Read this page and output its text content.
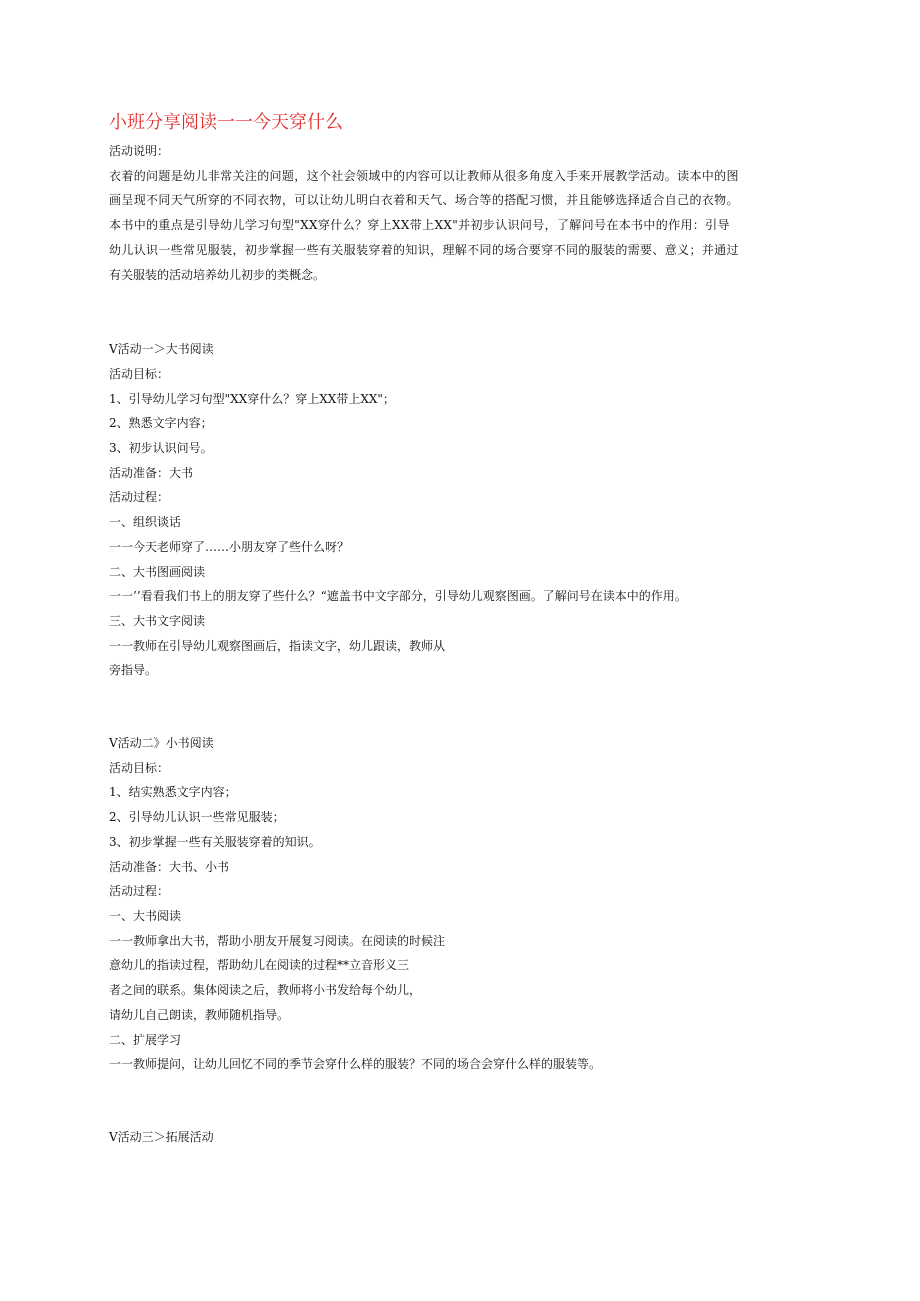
小班分享阅读一一今天穿什么
活动说明：
衣着的问题是幼儿非常关注的问题，这个社会领域中的内容可以让教师从很多角度入手来开展教学活动。读本中的图
画呈现不同天气所穿的不同衣物，可以让幼儿明白衣着和天气、场合等的搭配习惯，并且能够选择适合自己的衣物。
本书中的重点是引导幼儿学习句型"XX穿什么？穿上XX带上XX"并初步认识问号，了解问号在本书中的作用：引导
幼儿认识一些常见服装，初步掌握一些有关服装穿着的知识，理解不同的场合要穿不同的服装的需要、意义；并通过
有关服装的活动培养幼儿初步的类概念。
V活动一＞大书阅读
活动目标：
1、引导幼儿学习句型"XX穿什么？穿上XX带上XX"；
2、熟悉文字内容；
3、初步认识问号。
活动准备：大书
活动过程：
一、组织谈话
一一今天老师穿了……小朋友穿了些什么呀？
二、大书图画阅读
一一’’看看我们书上的朋友穿了些什么？“遮盖书中文字部分，引导幼儿观察图画。了解问号在读本中的作用。
三、大书文字阅读
一一教师在引导幼儿观察图画后，指读文字，幼儿跟读，教师从
旁指导。
V活动二》小书阅读
活动目标：
1、结实熟悉文字内容；
2、引导幼儿认识一些常见服装；
3、初步掌握一些有关服装穿着的知识。
活动准备：大书、小书
活动过程：
一、大书阅读
一一教师拿出大书，帮助小朋友开展复习阅读。在阅读的时候注
意幼儿的指读过程，帮助幼儿在阅读的过程**立音形义三
者之间的联系。集体阅读之后，教师将小书发给每个幼儿，
请幼儿自己朗读，教师随机指导。
二、扩展学习
一一教师提问，让幼儿回忆不同的季节会穿什么样的服装？不同的场合会穿什么样的服装等。
V活动三＞拓展活动
